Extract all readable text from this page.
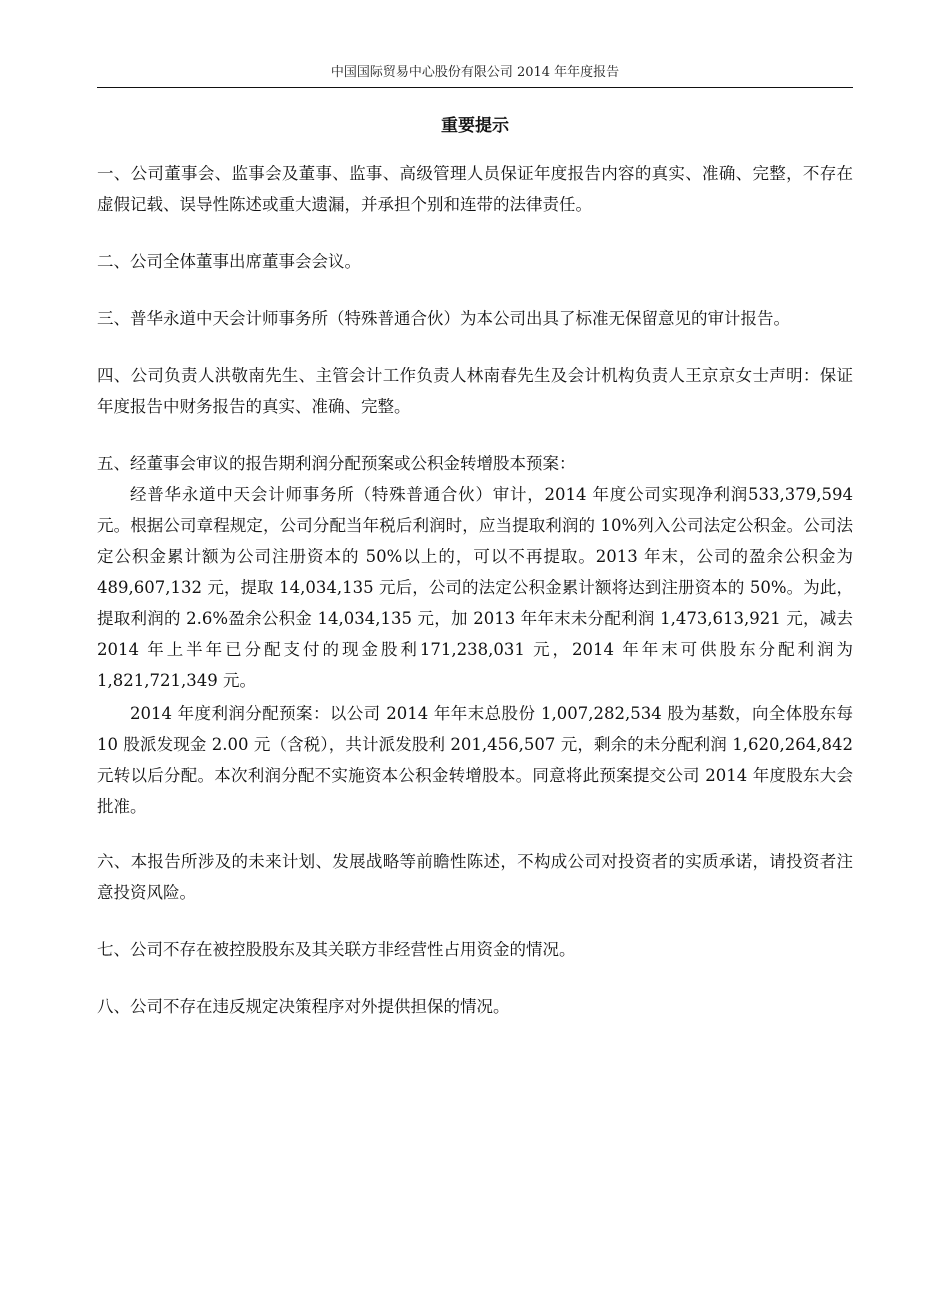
中国国际贸易中心股份有限公司 2014 年年度报告
重要提示

一、公司董事会、监事会及董事、监事、高级管理人员保证年度报告内容的真实、准确、完整，不存在虚假记载、误导性陈述或重大遗漏，并承担个别和连带的法律责任。

二、公司全体董事出席董事会会议。

三、普华永道中天会计师事务所（特殊普通合伙）为本公司出具了标准无保留意见的审计报告。

四、公司负责人洪敬南先生、主管会计工作负责人林南春先生及会计机构负责人王京京女士声明：保证年度报告中财务报告的真实、准确、完整。

五、经董事会审议的报告期利润分配预案或公积金转增股本预案：

经普华永道中天会计师事务所（特殊普通合伙）审计，2014 年度公司实现净利润533,379,594 元。根据公司章程规定，公司分配当年税后利润时，应当提取利润的 10%列入公司法定公积金。公司法定公积金累计额为公司注册资本的 50%以上的，可以不再提取。2013 年末，公司的盈余公积金为 489,607,132 元，提取 14,034,135 元后，公司的法定公积金累计额将达到注册资本的 50%。为此，提取利润的 2.6%盈余公积金 14,034,135 元，加 2013 年年末未分配利润 1,473,613,921 元，减去 2014 年上半年已分配支付的现金股利171,238,031 元，2014 年年末可供股东分配利润为 1,821,721,349 元。

2014 年度利润分配预案：以公司 2014 年年末总股份 1,007,282,534 股为基数，向全体股东每 10 股派发现金 2.00 元（含税），共计派发股利 201,456,507 元，剩余的未分配利润 1,620,264,842 元转以后分配。本次利润分配不实施资本公积金转增股本。同意将此预案提交公司 2014 年度股东大会批准。

六、本报告所涉及的未来计划、发展战略等前瞻性陈述，不构成公司对投资者的实质承诺，请投资者注意投资风险。

七、公司不存在被控股股东及其关联方非经营性占用资金的情况。

八、公司不存在违反规定决策程序对外提供担保的情况。
